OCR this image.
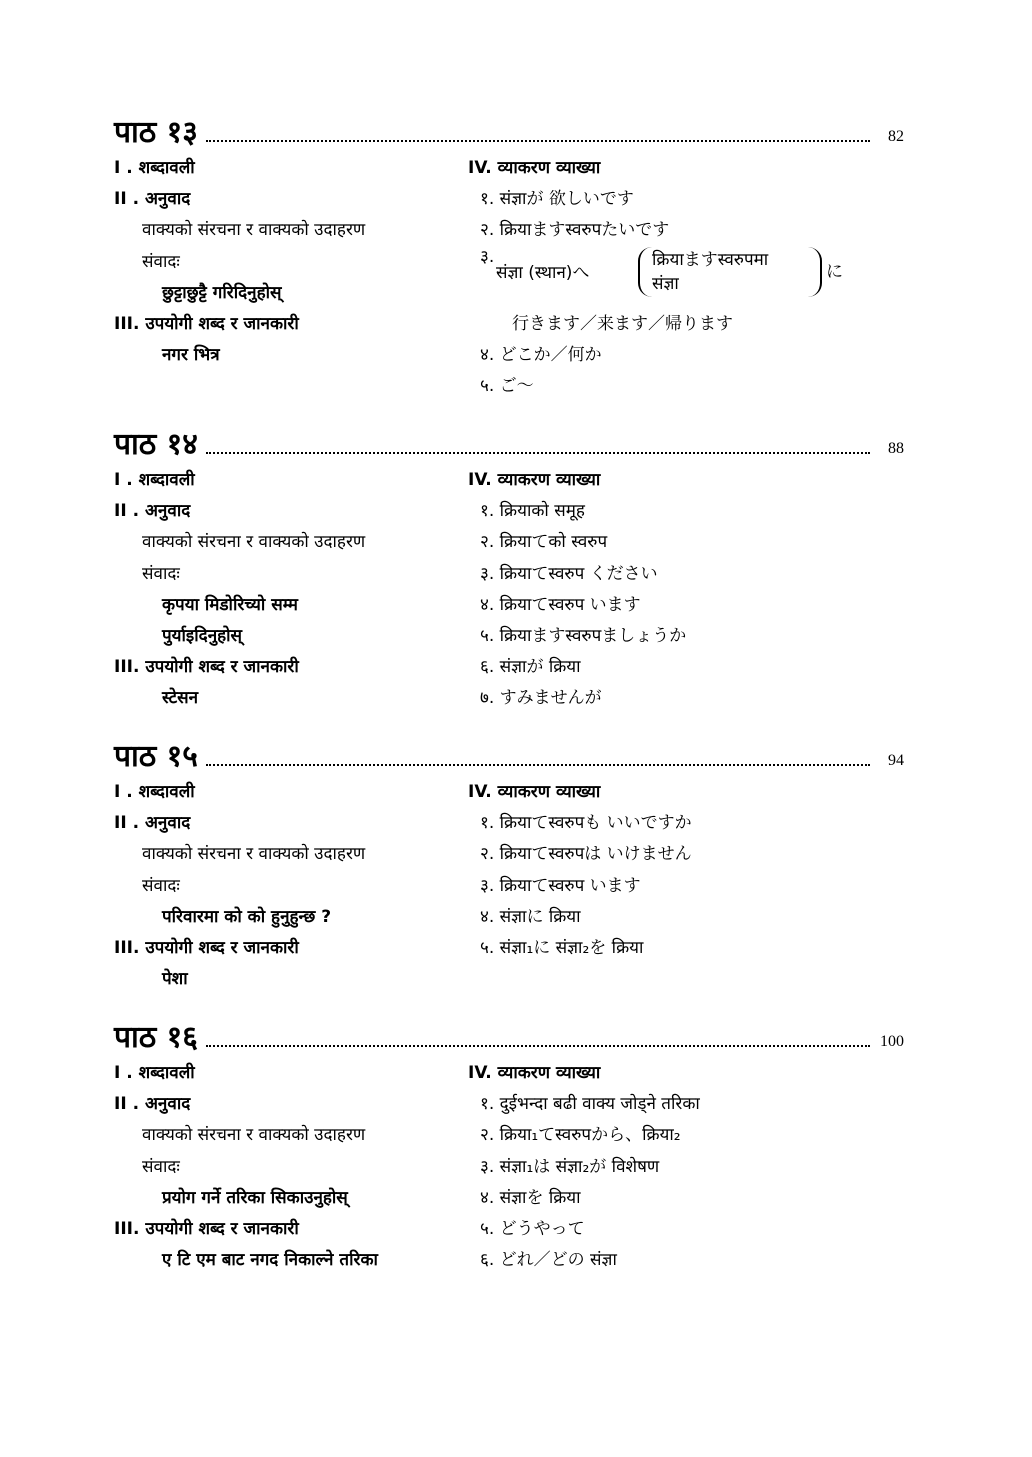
पाठ १३	82
I . शब्दावली
II . अनुवाद
वाक्यको संरचना र वाक्यको उदाहरण
संवादः
छुट्टाछुट्टै गरिदिनुहोस्
III. उपयोगी शब्द र जानकारी
नगर भित्र
IV. व्याकरण व्याख्या
१. संज्ञाが 欲しいです
२. क्रियाますस्वरुपたいです
३.
संज्ञा (स्थान)へ
क्रियाますस्वरुपमा
संज्ञा
に
行きます／来ます／帰ります
४. どこか／何か
५. ご～
पाठ १४	88
I . शब्दावली
II . अनुवाद
वाक्यको संरचना र वाक्यको उदाहरण
संवादः
कृपया मिडोरिच्यो सम्म
पुर्याइदिनुहोस्
III. उपयोगी शब्द र जानकारी
स्टेसन
IV. व्याकरण व्याख्या
१. क्रियाको समूह
२. क्रियाてको स्वरुप
३. क्रियाてस्वरुप ください
४. क्रियाてस्वरुप います
५. क्रियाますस्वरुपましょうか
६. संज्ञाが क्रिया
७. すみませんが
पाठ १५	94
I . शब्दावली
II . अनुवाद
वाक्यको संरचना र वाक्यको उदाहरण
संवादः
परिवारमा को को हुनुहुन्छ ?
III. उपयोगी शब्द र जानकारी
पेशा
IV. व्याकरण व्याख्या
१. क्रियाてस्वरुपも いいですか
२. क्रियाてस्वरुपは いけません
३. क्रियाてस्वरुप います
४. संज्ञाに क्रिया
५. संज्ञा₁に संज्ञा₂を क्रिया
पाठ १६	100
I . शब्दावली
II . अनुवाद
वाक्यको संरचना र वाक्यको उदाहरण
संवादः
प्रयोग गर्ने तरिका सिकाउनुहोस्
III. उपयोगी शब्द र जानकारी
ए टि एम बाट नगद निकाल्ने तरिका
IV. व्याकरण व्याख्या
१. दुईभन्दा बढी वाक्य जोड्ने तरिका
२. क्रिया₁てस्वरुपから、क्रिया₂
३. संज्ञा₁は संज्ञा₂が विशेषण
४. संज्ञाを क्रिया
५. どうやって
६. どれ／どの संज्ञा
